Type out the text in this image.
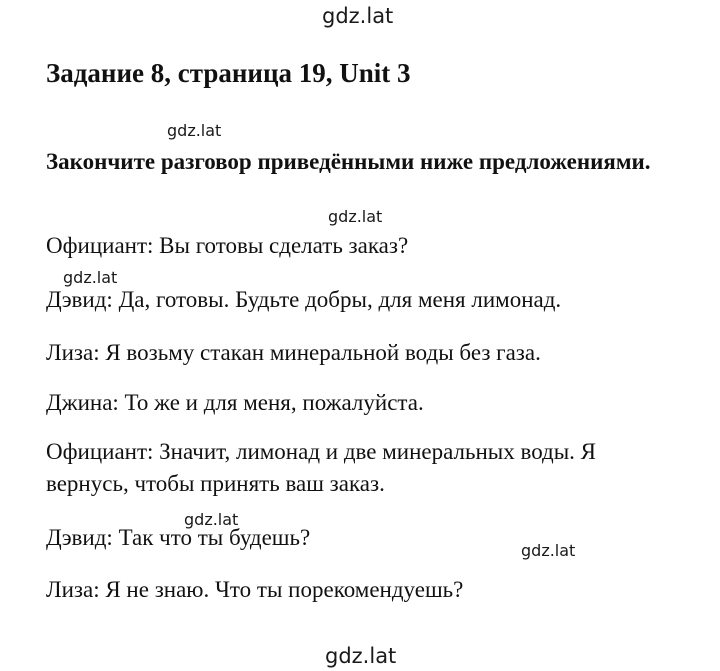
gdz.lat
gdz.lat
gdz.lat
gdz.lat
gdz.lat
gdz.lat
gdz.lat
Задание 8, страница 19, Unit 3

Закончите разговор приведёнными ниже предложениями.

Официант: Вы готовы сделать заказ?

Дэвид: Да, готовы. Будьте добры, для меня лимонад.

Лиза: Я возьму стакан минеральной воды без газа.

Джина: То же и для меня, пожалуйста.

Официант: Значит, лимонад и две минеральных воды. Я вернусь, чтобы принять ваш заказ.

Дэвид: Так что ты будешь?

Лиза: Я не знаю. Что ты порекомендуешь?
